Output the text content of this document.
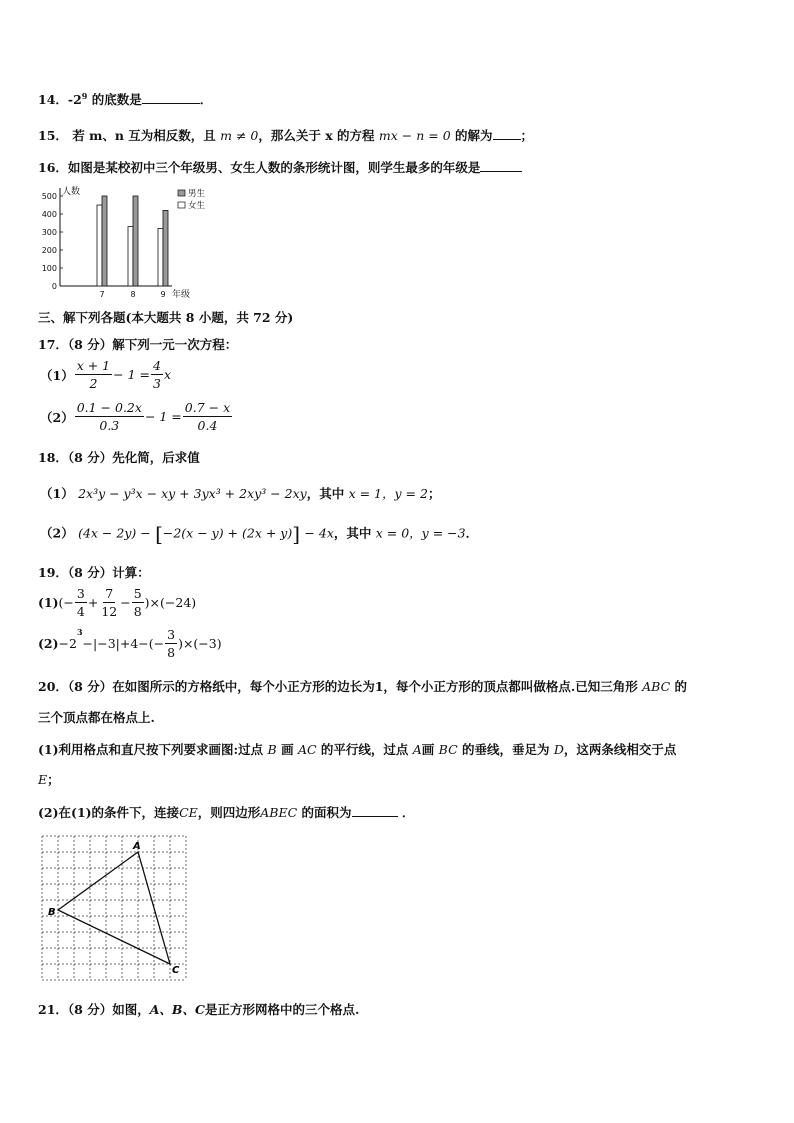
14．$-2^9$ 的底数是	．
15． 若 m、n 互为相反数，且 m ≠ 0，那么关于 x 的方程 mx − n = 0 的解为 ；
16．如图是某校初中三个年级男、女生人数的条形统计图，则学生最多的年级是
0
100
200
300
400
500 人数
7	8	9 年级
男生
女生
三、解下列各题(本大题共 8 小题，共 72 分)
17．（8 分）解下列一元一次方程：
$(1) \frac{x + 1}{2} - 1 = \frac{4}{3}$ x
$(2) \frac{0.1 - 0.2x}{0.3} - 1 = \frac{0.7 - x}{0.4}$
18．（8 分）先化简，后求值
（1） 2x³y − y³x − xy + 3yx³ + 2xy³ − 2xy，其中 x = 1，y = 2；
（2） (4x − 2y) − [−2(x − y) + (2x + y)] − 4x，其中 x = 0，y = −3．
19．（8 分）计算：
(1) (− $\frac{3}{4} + \frac{7}{12} - \frac{5}{8} )\times(-24)$
(2) −2
$^3$
$-|-3|+4-(- \frac{3}{8} )\times(-3)$
20．（8 分）在如图所示的方格纸中，每个小正方形的边长为1，每个小正方形的顶点都叫做格点.已知三角形 ABC 的
三个顶点都在格点上.
(1)利用格点和直尺按下列要求画图:过点 B 画 AC 的平行线，过点 A画 BC 的垂线，垂足为 D，这两条线相交于点
E；
(2)在(1)的条件下，连接CE，则四边形ABEC 的面积为	．
A
B
C
21．（8 分）如图，A、B、C是正方形网格中的三个格点.
